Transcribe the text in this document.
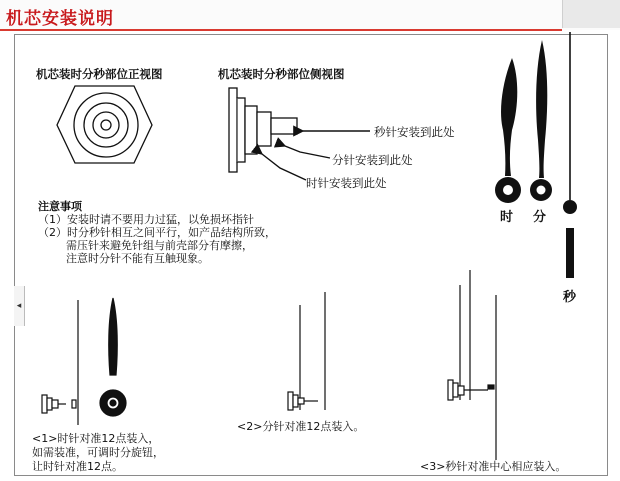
机芯安装说明
◂
机芯装时分秒部位正视图	机芯装时分秒部位侧视图
秒针安装到此处
分针安装到此处
时针安装到此处
时 分
秒
注意事项
（1）安装时请不要用力过猛，以免损坏指针
（2）时分秒针相互之间平行，如产品结构所致，
需压针来避免针组与前壳部分有摩擦，
注意时分针不能有互触现象。
<1>时针对准12点装入，
如需装准，可调时分旋钮，
让时针对准12点。
<2>分针对准12点装入。
<3>秒针对准中心相应装入。
